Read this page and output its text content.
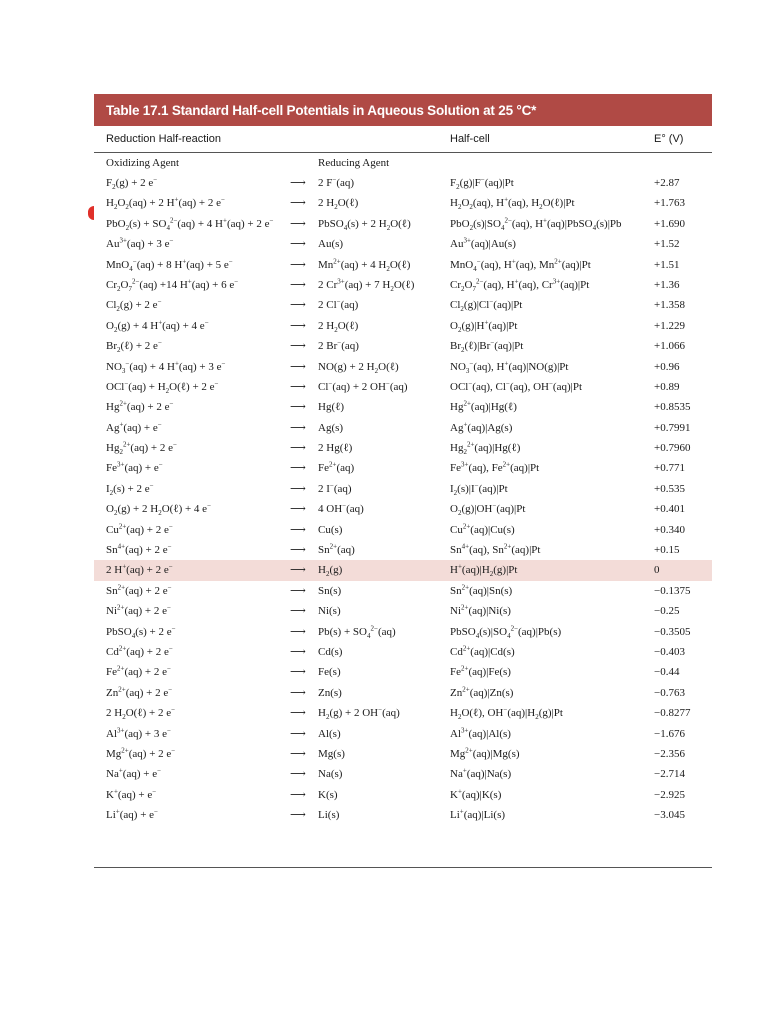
Table 17.1 Standard Half-cell Potentials in Aqueous Solution at 25 °C*
Reduction Half-reaction	Half-cell	E° (V)
Oxidizing Agent	Reducing Agent
$F_2(g) + 2$ e−	⟶ 2 F−(aq)	$F_2(g)|F^-(aq)|Pt$	+2.87
$H_2O_2(aq) + 2$ H+(aq) + 2 e−	⟶ 2 $H_2O(\ell)$	$H_2O_2(aq)$, H+(aq), $H_2O(\ell)|Pt$	+1.763
$PbO_2(s) + SO_4^{2-}(aq) + 4$ H+(aq) + 2 e− ⟶ PbSO$_4$(s) + 2 $H_2O(\ell)$	$PbO_2(s)|SO_4^{2-}(aq)$, H+(aq)|PbSO$_4$(s)|Pb	+1.690
$Au^{3+}(aq) + 3$ e−	⟶ Au(s)	$Au^{3+}(aq)|Au(s)$	+1.52
MnO$_4$−(aq) + 8 H+(aq) + 5 e−	⟶ $Mn^{2+}(aq) + 4$ $H_2O(\ell)$	MnO$_4$−(aq), H+(aq), $Mn^{2+}(aq)|Pt$	+1.51
$Cr_2O_7^{2-}(aq) +14$ H+(aq) + 6 e−	⟶ 2 $Cr^{3+}(aq) + 7$ $H_2O(\ell)$	$Cr_2O_7^{2-}(aq)$, H+(aq), $Cr^{3+}(aq)|Pt$	+1.36
$Cl_2(g) + 2$ e−	⟶ 2 Cl−(aq)	$Cl_2(g)|Cl^-(aq)|Pt$	+1.358
$O_2(g) + 4$ H+(aq) + 4 e−	⟶ 2 $H_2O(\ell)$	$O_2(g)|H^+(aq)|Pt$	+1.229
$Br_2(\ell) + 2$ e−	⟶ 2 Br−(aq)	$Br_2(\ell)|Br^-(aq)|Pt$	+1.066
$NO_3^-(aq) + 4$ H+(aq) + 3 e−	⟶ NO(g) + 2 $H_2O(\ell)$	$NO_3^-(aq)$, H+(aq)|NO(g)|Pt	+0.96
$OCl^-(aq) + H_2O(\ell) + 2$ e−	⟶ Cl−(aq) + 2 OH−(aq)	OCl−(aq), Cl−(aq), OH−(aq)|Pt	+0.89
$Hg^{2+}(aq) + 2$ e−	⟶ Hg(ℓ)	$Hg^{2+}(aq)|Hg(\ell)$	+0.8535
Ag+(aq) + e−	⟶ Ag(s)	Ag+(aq)|Ag(s)	+0.7991
$Hg_2^{2+}(aq) + 2$ e−	⟶ 2 Hg(ℓ)	$Hg_2^{2+}(aq)|Hg(\ell)$	+0.7960
$Fe^{3+}(aq) + e^-$	⟶ $Fe^{2+}(aq)$	$Fe^{3+}(aq)$, $Fe^{2+}(aq)|Pt$	+0.771
$I_2(s) + 2$ e−	⟶ 2 I−(aq)	$I_2(s)|I^-(aq)|Pt$	+0.535
$O_2(g) + 2$ $H_2O(\ell) + 4$ e−	⟶ 4 OH−(aq)	$O_2(g)|OH^-(aq)|Pt$	+0.401
$Cu^{2+}(aq) + 2$ e−	⟶ Cu(s)	$Cu^{2+}(aq)|Cu(s)$	+0.340
$Sn^{4+}(aq) + 2$ e−	⟶ $Sn^{2+}(aq)$	$Sn^{4+}(aq)$, $Sn^{2+}(aq)|Pt$	+0.15
2 H+(aq) + 2 e−	⟶ $H_2(g)$	$H^+(aq)|H_2(g)|Pt$	0
$Sn^{2+}(aq) + 2$ e−	⟶ Sn(s)	$Sn^{2+}(aq)|Sn(s)$	−0.1375
$Ni^{2+}(aq) + 2$ e−	⟶ Ni(s)	$Ni^{2+}(aq)|Ni(s)$	−0.25
PbSO$_4$(s) + 2 e−	⟶ $Pb(s) + SO_4^{2-}(aq)$	$PbSO_4(s)|SO_4^{2-}(aq)|Pb(s)$	−0.3505
$Cd^{2+}(aq) + 2$ e−	⟶ Cd(s)	$Cd^{2+}(aq)|Cd(s)$	−0.403
$Fe^{2+}(aq) + 2$ e−	⟶ Fe(s)	$Fe^{2+}(aq)|Fe(s)$	−0.44
$Zn^{2+}(aq) + 2$ e−	⟶ Zn(s)	$Zn^{2+}(aq)|Zn(s)$	−0.763
2 $H_2O(\ell) + 2$ e−	⟶ $H_2(g) + 2$ OH−(aq)	$H_2O(\ell)$, $OH^-(aq)|H_2(g)|Pt$	−0.8277
$Al^{3+}(aq) + 3$ e−	⟶ Al(s)	$Al^{3+}(aq)|Al(s)$	−1.676
$Mg^{2+}(aq) + 2$ e−	⟶ Mg(s)	$Mg^{2+}(aq)|Mg(s)$	−2.356
Na+(aq) + e−	⟶ Na(s)	Na+(aq)|Na(s)	−2.714
K+(aq) + e−	⟶ K(s)	K+(aq)|K(s)	−2.925
Li+(aq) + e−	⟶ Li(s)	Li+(aq)|Li(s)	−3.045
